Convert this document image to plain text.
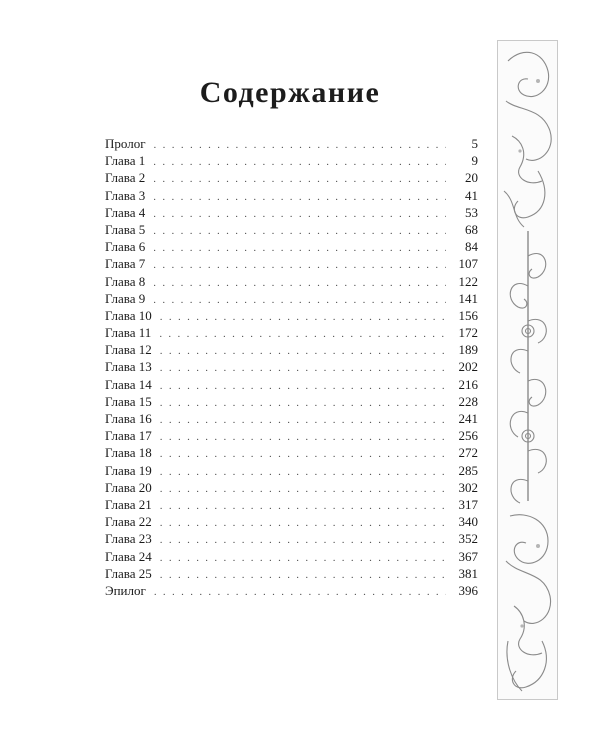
Содержание
Пролог . . .	5
Глава 1 . . .	9
Глава 2 . . .	20
Глава 3 . . .	41
Глава 4 . . .	53
Глава 5 . . .	68
Глава 6 . . .	84
Глава 7 . . .	107
Глава 8 . . .	122
Глава 9 . . .	141
Глава 10 . . .	156
Глава 11 . . .	172
Глава 12 . . .	189
Глава 13 . . .	202
Глава 14 . . .	216
Глава 15 . . .	228
Глава 16 . . .	241
Глава 17 . . .	256
Глава 18 . . .	272
Глава 19 . . .	285
Глава 20 . . .	302
Глава 21 . . .	317
Глава 22 . . .	340
Глава 23 . . .	352
Глава 24 . . .	367
Глава 25 . . .	381
Эпилог . . .	396
